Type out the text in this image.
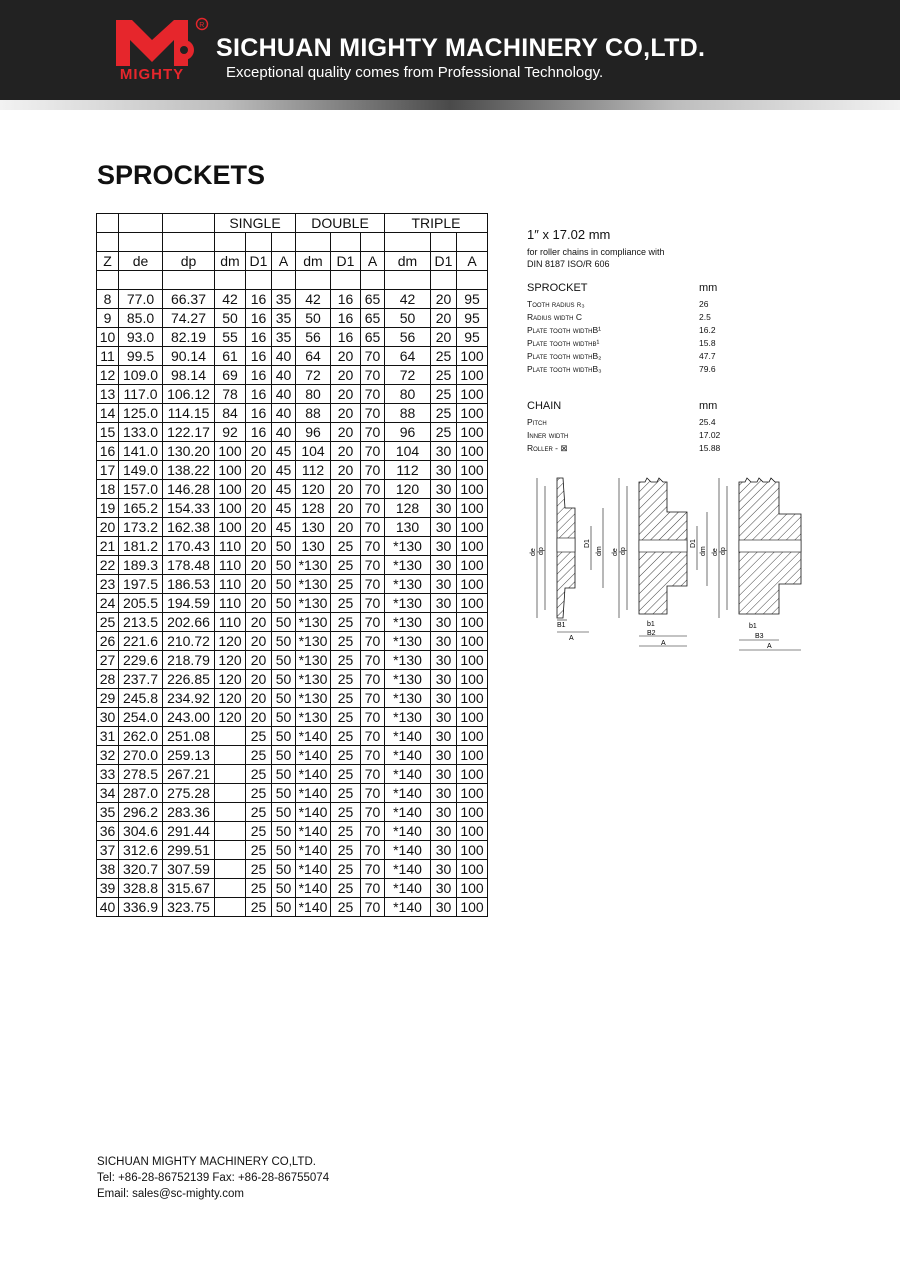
R
MIGHTY
SICHUAN MIGHTY MACHINERY CO,LTD.
Exceptional quality comes from Professional Technology.
SPROCKETS
			SINGLE			DOUBLE			TRIPLE		

Z	de	dp	dm	D1	A	dm	D1	A	dm	D1	A

8	77.0	66.37	42	16	35	42	16	65	42	20	95
9	85.0	74.27	50	16	35	50	16	65	50	20	95
10	93.0	82.19	55	16	35	56	16	65	56	20	95
11	99.5	90.14	61	16	40	64	20	70	64	25	100
12	109.0	98.14	69	16	40	72	20	70	72	25	100
13	117.0	106.12	78	16	40	80	20	70	80	25	100
14	125.0	114.15	84	16	40	88	20	70	88	25	100
15	133.0	122.17	92	16	40	96	20	70	96	25	100
16	141.0	130.20	100	20	45	104	20	70	104	30	100
17	149.0	138.22	100	20	45	112	20	70	112	30	100
18	157.0	146.28	100	20	45	120	20	70	120	30	100
19	165.2	154.33	100	20	45	128	20	70	128	30	100
20	173.2	162.38	100	20	45	130	20	70	130	30	100
21	181.2	170.43	110	20	50	130	25	70	*130	30	100
22	189.3	178.48	110	20	50	*130	25	70	*130	30	100
23	197.5	186.53	110	20	50	*130	25	70	*130	30	100
24	205.5	194.59	110	20	50	*130	25	70	*130	30	100
25	213.5	202.66	110	20	50	*130	25	70	*130	30	100
26	221.6	210.72	120	20	50	*130	25	70	*130	30	100
27	229.6	218.79	120	20	50	*130	25	70	*130	30	100
28	237.7	226.85	120	20	50	*130	25	70	*130	30	100
29	245.8	234.92	120	20	50	*130	25	70	*130	30	100
30	254.0	243.00	120	20	50	*130	25	70	*130	30	100
31	262.0	251.08		25	50	*140	25	70	*140	30	100
32	270.0	259.13		25	50	*140	25	70	*140	30	100
33	278.5	267.21		25	50	*140	25	70	*140	30	100
34	287.0	275.28		25	50	*140	25	70	*140	30	100
35	296.2	283.36		25	50	*140	25	70	*140	30	100
36	304.6	291.44		25	50	*140	25	70	*140	30	100
37	312.6	299.51		25	50	*140	25	70	*140	30	100
38	320.7	307.59		25	50	*140	25	70	*140	30	100
39	328.8	315.67		25	50	*140	25	70	*140	30	100
40	336.9	323.75		25	50	*140	25	70	*140	30	100
1″ x 17.02 mm
for roller chains in compliance with
DIN 8187 ISO/R 606
SPROCKET	mm
Tooth radius r₃	26
Radius width C	2.5
Plate tooth widthB¹	16.2
Plate tooth widthb¹	15.8
Plate tooth widthB₂	47.7
Plate tooth widthB₃	79.6
CHAIN	mm
Pitch	25.4
Inner width	17.02
Roller - ⊠	15.88
de dp	dm
D1
B1
A
de dp	dm
D1
b1
B2
A
de dp
b1
B3
A
SICHUAN MIGHTY MACHINERY CO,LTD.
Tel: +86-28-86752139 Fax: +86-28-86755074
Email: sales@sc-mighty.com
